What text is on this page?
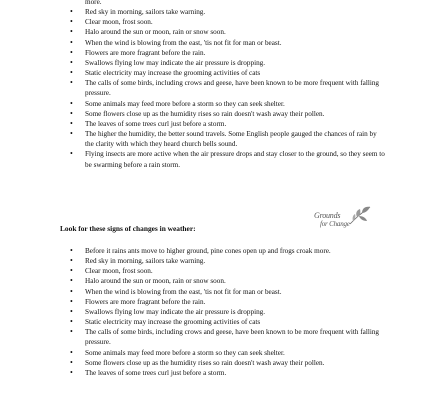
more.
• Red sky in morning, sailors take warning.
• Clear moon, frost soon.
• Halo around the sun or moon, rain or snow soon.
• When the wind is blowing from the east, 'tis not fit for man or beast.
• Flowers are more fragrant before the rain.
• Swallows flying low may indicate the air pressure is dropping.
• Static electricity may increase the grooming activities of cats
• The calls of some birds, including crows and geese, have been known to be more frequent with falling pressure.
• Some animals may feed more before a storm so they can seek shelter.
• Some flowers close up as the humidity rises so rain doesn't wash away their pollen.
• The leaves of some trees curl just before a storm.
• The higher the humidity, the better sound travels. Some English people gauged the chances of rain by the clarity with which they heard church bells sound.
• Flying insects are more active when the air pressure drops and stay closer to the ground, so they seem to be swarming before a rain storm.
Look for these signs of changes in weather:
Grounds
for Change
• Before it rains ants move to higher ground, pine cones open up and frogs croak more.
• Red sky in morning, sailors take warning.
• Clear moon, frost soon.
• Halo around the sun or moon, rain or snow soon.
• When the wind is blowing from the east, 'tis not fit for man or beast.
• Flowers are more fragrant before the rain.
• Swallows flying low may indicate the air pressure is dropping.
• Static electricity may increase the grooming activities of cats
• The calls of some birds, including crows and geese, have been known to be more frequent with falling pressure.
• Some animals may feed more before a storm so they can seek shelter.
• Some flowers close up as the humidity rises so rain doesn't wash away their pollen.
• The leaves of some trees curl just before a storm.
